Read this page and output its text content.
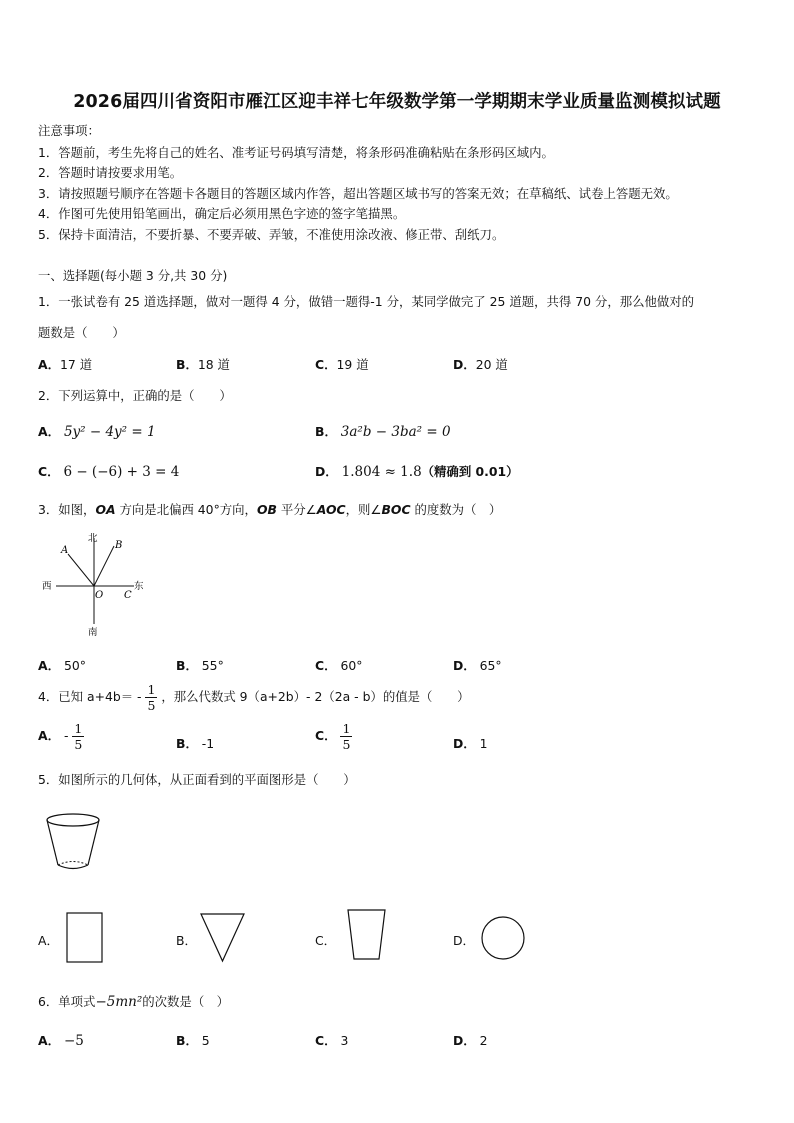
2026届四川省资阳市雁江区迎丰祥七年级数学第一学期期末学业质量监测模拟试题
注意事项：
1．答题前，考生先将自己的姓名、准考证号码填写清楚，将条形码准确粘贴在条形码区域内。
2．答题时请按要求用笔。
3．请按照题号顺序在答题卡各题目的答题区域内作答，超出答题区域书写的答案无效；在草稿纸、试卷上答题无效。
4．作图可先使用铅笔画出，确定后必须用黑色字迹的签字笔描黑。
5．保持卡面清洁，不要折暴、不要弄破、弄皱，不准使用涂改液、修正带、刮纸刀。
一、选择题(每小题 3 分,共 30 分)
1．一张试卷有 25 道选择题，做对一题得 4 分，做错一题得-1 分，某同学做完了 25 道题，共得 70 分，那么他做对的
题数是（　　）
A．17 道	B．18 道	C．19 道	D．20 道
2．下列运算中，正确的是（　　）
A． 5y² − 4y² = 1	B． 3a²b − 3ba² = 0
C． 6 − (−6) + 3 = 4	D． 1.804 ≈ 1.8（精确到 0.01）
3．如图，OA 方向是北偏西 40°方向，OB 平分∠AOC，则∠BOC 的度数为（　）
北
南
东
西
A	B
O C
A． 50°	B． 55°	C． 60°	D． 65°
4．已知 $a+4b= - \frac{1}{5}$ ，那么代数式 9（a+2b）- 2（2a - b）的值是（　　）
A． - $\frac{1}{5}$	B． -1
C． $\frac{1}{5}$	D． 1
5．如图所示的几何体，从正面看到的平面图形是（　　）
A．	B．	C．	D．
6．单项式−5mn²的次数是（　）
A． −5	B． 5	C． 3	D． 2
